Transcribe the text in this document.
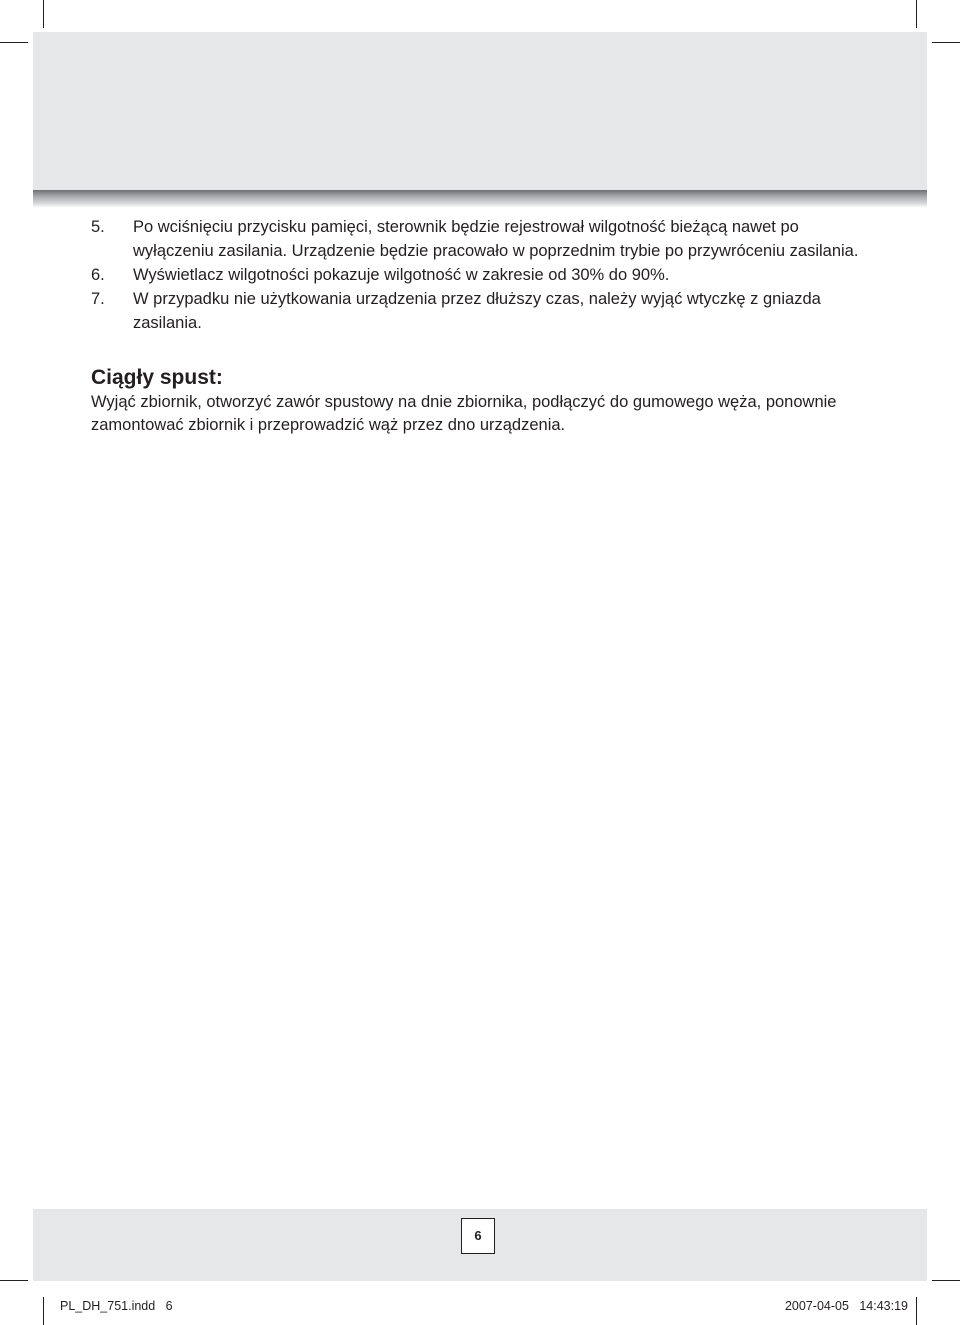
5. Po wciśnięciu przycisku pamięci, sterownik będzie rejestrował wilgotność bieżącą nawet po wyłączeniu zasilania. Urządzenie będzie pracowało w poprzednim trybie po przywróceniu zasilania.
6. Wyświetlacz wilgotności pokazuje wilgotność w zakresie od 30% do 90%.
7. W przypadku nie użytkowania urządzenia przez dłuższy czas, należy wyjąć wtyczkę z gniazda zasilania.
Ciągły spust:

Wyjąć zbiornik, otworzyć zawór spustowy na dnie zbiornika, podłączyć do gumowego węża, ponownie zamontować zbiornik i przeprowadzić wąż przez dno urządzenia.

6
PL_DH_751.indd   6	2007-04-05   14:43:19
